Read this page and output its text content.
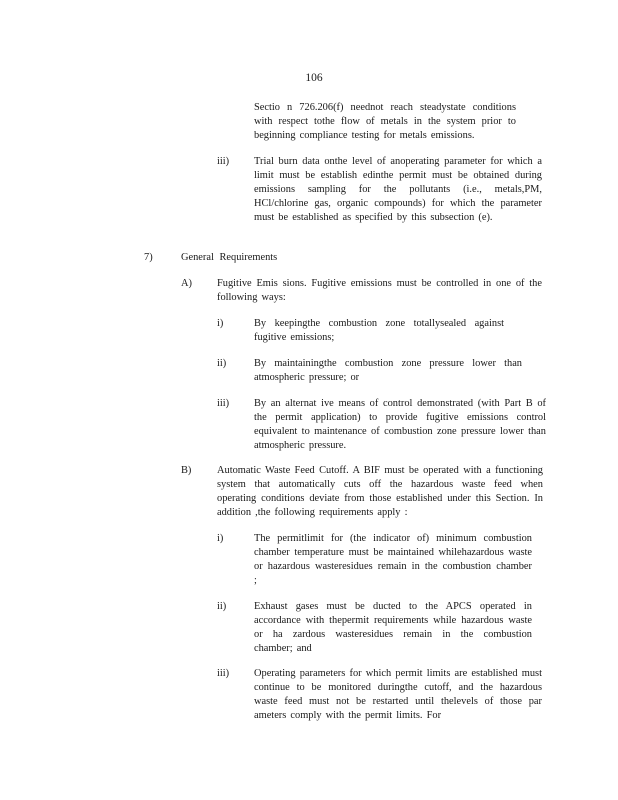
106

Sectio n 726.206(f) neednot reach steadystate conditions with respect tothe flow of metals in the system prior to beginning compliance testing for metals emissions.

iii) Trial burn data onthe level of anoperating parameter for which a limit must be establish edinthe permit must be obtained during emissions sampling for the pollutants (i.e., metals,PM, HCl/chlorine gas, organic compounds) for which the parameter must be established as specified by this subsection (e).

7)	General Requirements

A) Fugitive Emis sions. Fugitive emissions must be controlled in one of the following ways:

i)	By keepingthe combustion zone totallysealed against fugitive emissions;

ii)	By maintainingthe combustion zone pressure lower than atmospheric pressure; or

iii) By an alternat ive means of control demonstrated (with Part B of the permit application) to provide fugitive emissions control equivalent to maintenance of combustion zone pressure lower than atmospheric pressure.

B) Automatic Waste Feed Cutoff. A BIF must be operated with a functioning system that automatically cuts off the hazardous waste feed when operating conditions deviate from those established under this Section. In addition ,the following requirements apply :

i)	The permitlimit for (the indicator of) minimum combustion chamber temperature must be maintained whilehazardous waste or hazardous wasteresidues remain in the combustion chamber ;

ii)	Exhaust gases must be ducted to the APCS operated in accordance with thepermit requirements while hazardous waste or ha zardous wasteresidues remain in the combustion chamber; and

iii) Operating parameters for which permit limits are established must continue to be monitored duringthe cutoff, and the hazardous waste feed must not be restarted until thelevels of those par ameters comply with the permit limits. For
